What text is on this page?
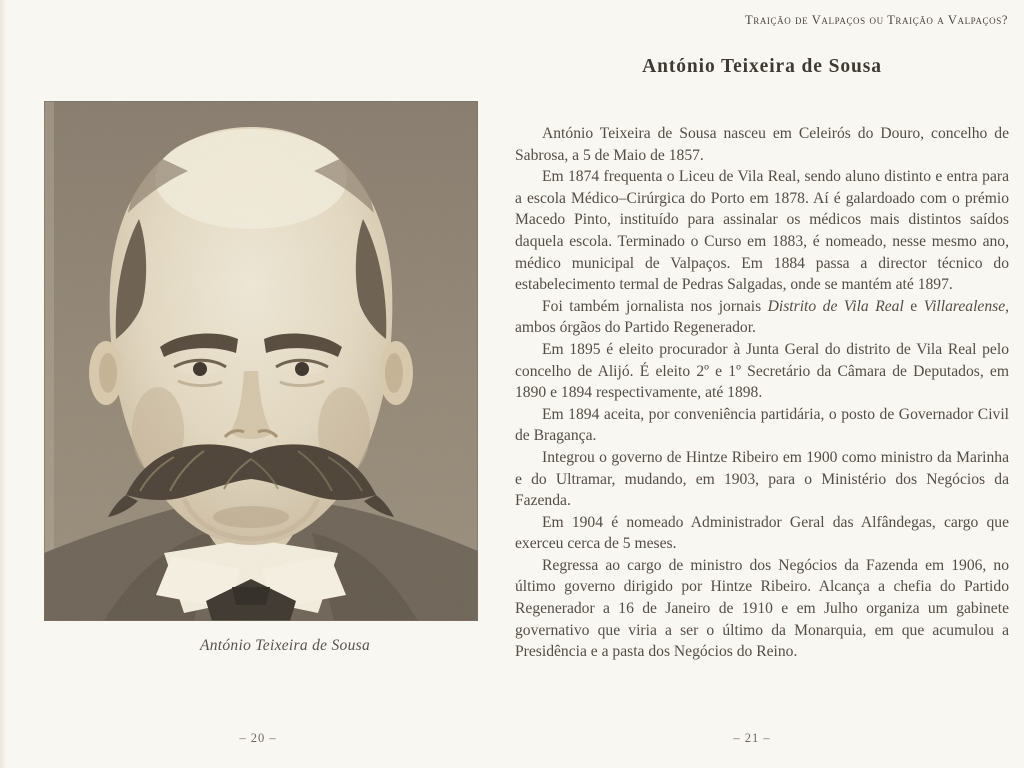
Traição de Valpaços ou Traição a Valpaços?
António Teixeira de Sousa
António Teixeira de Sousa

António Teixeira de Sousa nasceu em Celeirós do Douro, concelho de Sabrosa, a 5 de Maio de 1857.

Em 1874 frequenta o Liceu de Vila Real, sendo aluno distinto e entra para a escola Médico–Cirúrgica do Porto em 1878. Aí é galardoado com o prémio Macedo Pinto, instituído para assinalar os médicos mais distintos saídos daquela escola. Terminado o Curso em 1883, é nomeado, nesse mesmo ano, médico municipal de Valpaços. Em 1884 passa a director técnico do estabelecimento termal de Pedras Salgadas, onde se mantém até 1897.

Foi também jornalista nos jornais Distrito de Vila Real e Villarealense, ambos órgãos do Partido Regenerador.

Em 1895 é eleito procurador à Junta Geral do distrito de Vila Real pelo concelho de Alijó. É eleito 2º e 1º Secretário da Câmara de Deputados, em 1890 e 1894 respectivamente, até 1898.

Em 1894 aceita, por conveniência partidária, o posto de Governador Civil de Bragança.

Integrou o governo de Hintze Ribeiro em 1900 como ministro da Marinha e do Ultramar, mudando, em 1903, para o Ministério dos Negócios da Fazenda.

Em 1904 é nomeado Administrador Geral das Alfândegas, cargo que exerceu cerca de 5 meses.

Regressa ao cargo de ministro dos Negócios da Fazenda em 1906, no último governo dirigido por Hintze Ribeiro. Alcança a chefia do Partido Regenerador a 16 de Janeiro de 1910 e em Julho organiza um gabinete governativo que viria a ser o último da Monarquia, em que acumulou a Presidência e a pasta dos Negócios do Reino.

– 20 –	– 21 –
